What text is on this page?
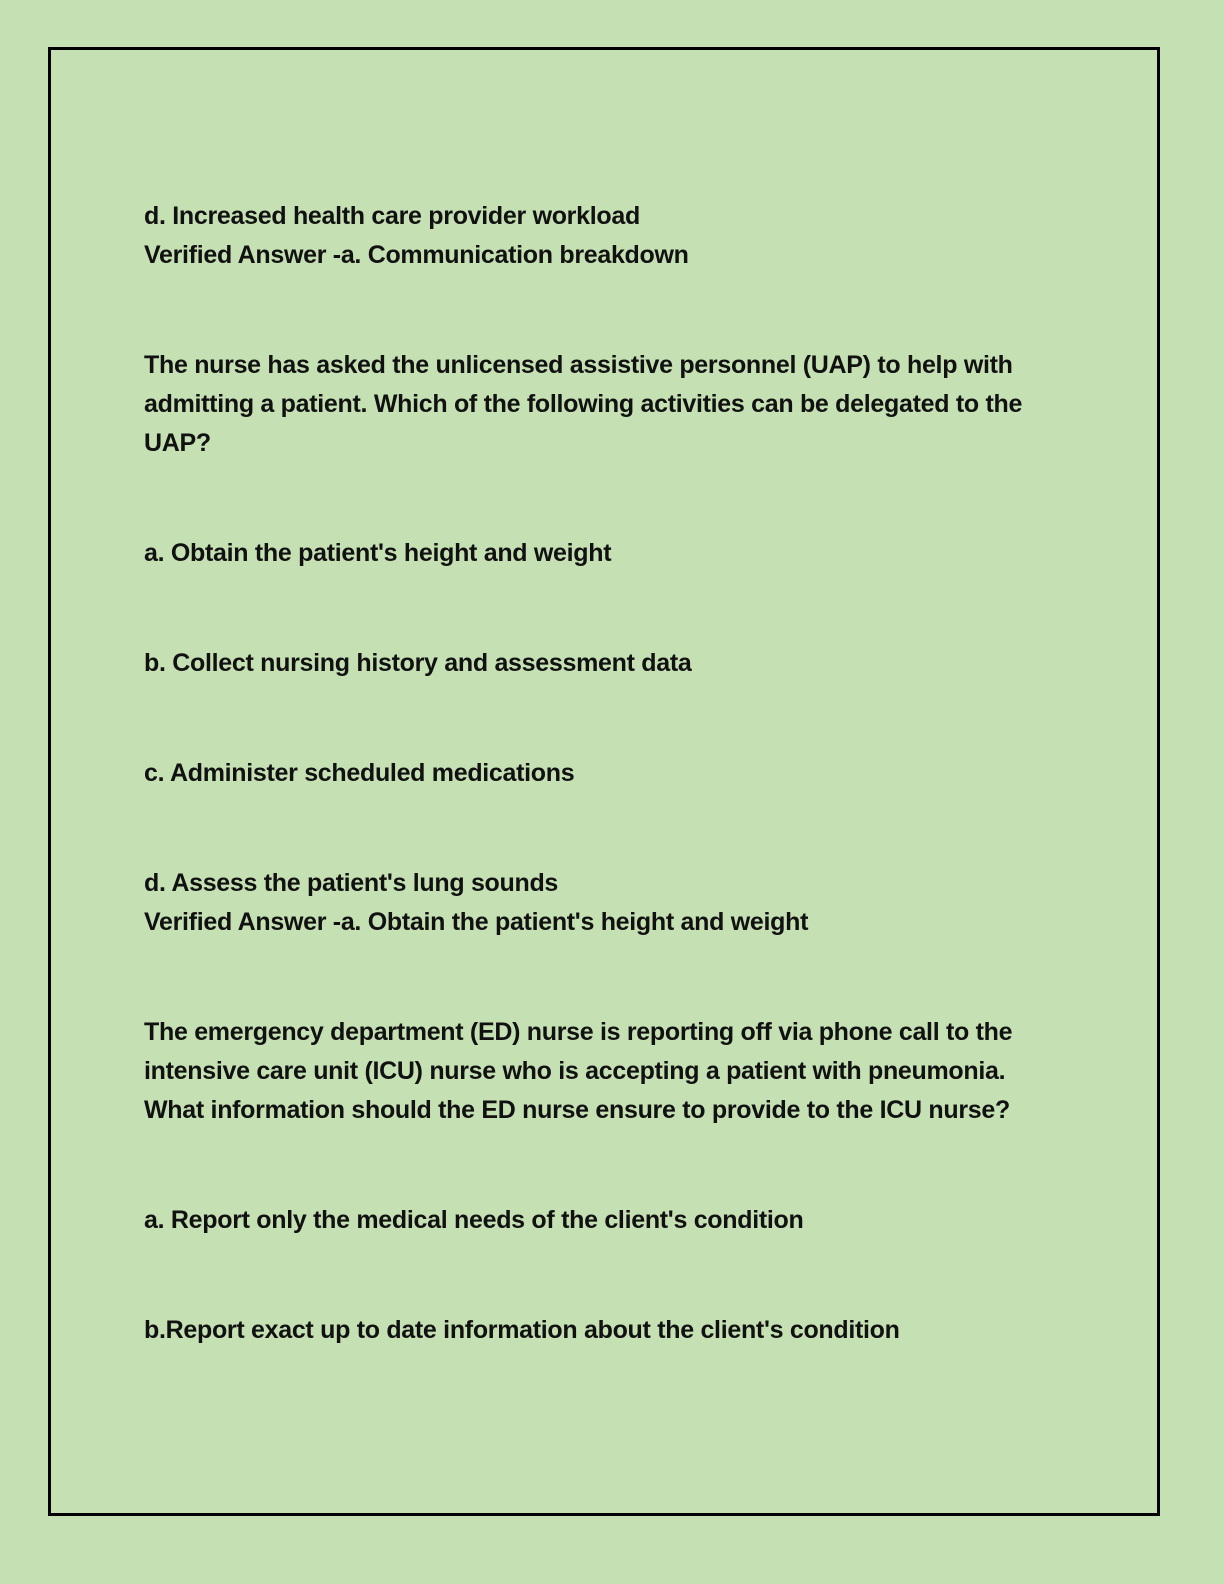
d. Increased health care provider workload

Verified Answer -a. Communication breakdown

The nurse has asked the unlicensed assistive personnel (UAP) to help with

admitting a patient. Which of the following activities can be delegated to the

UAP?

a. Obtain the patient's height and weight

b. Collect nursing history and assessment data

c. Administer scheduled medications

d. Assess the patient's lung sounds

Verified Answer -a. Obtain the patient's height and weight

The emergency department (ED) nurse is reporting off via phone call to the

intensive care unit (ICU) nurse who is accepting a patient with pneumonia.

What information should the ED nurse ensure to provide to the ICU nurse?

a. Report only the medical needs of the client's condition

b.Report exact up to date information about the client's condition
